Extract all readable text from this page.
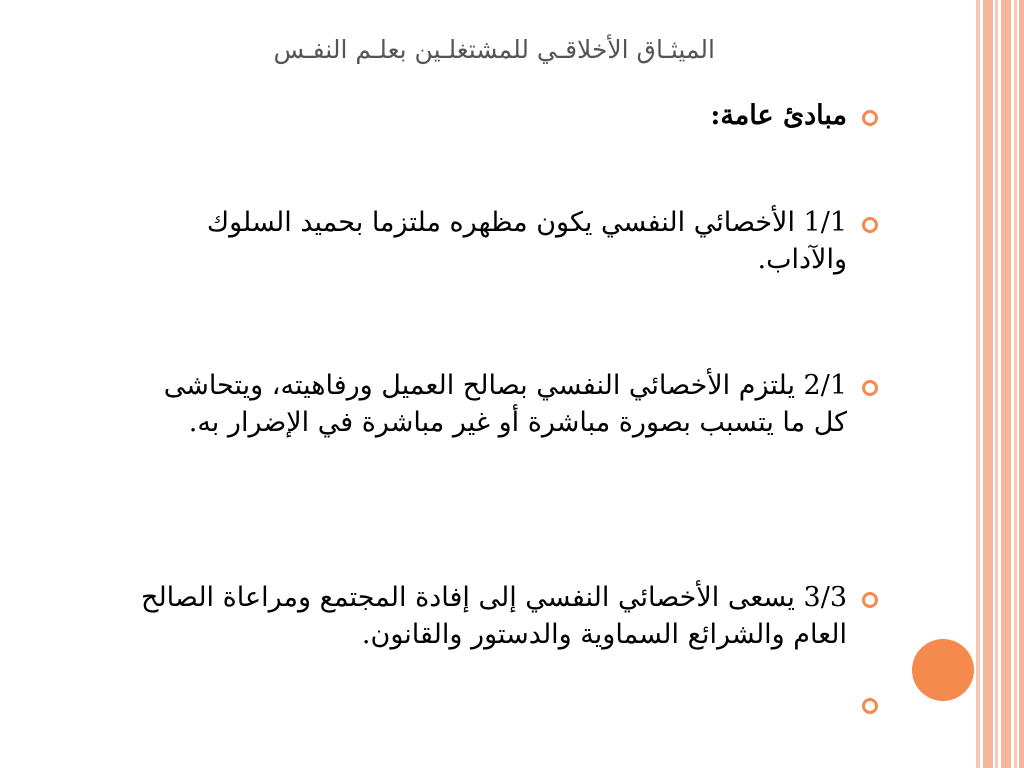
الميثـاق الأخلاقـي للمشتغلـين بعلـم النفـس
مبادئ عامة:
1/1 الأخصائي النفسي يكون مظهره ملتزما بحميد السلوك والآداب.
2/1 يلتزم الأخصائي النفسي بصالح العميل ورفاهيته، ويتحاشى كل ما يتسبب بصورة مباشرة أو غير مباشرة في الإضرار به.
3/3 يسعى الأخصائي النفسي إلى إفادة المجتمع ومراعاة الصالح العام والشرائع السماوية والدستور والقانون.
